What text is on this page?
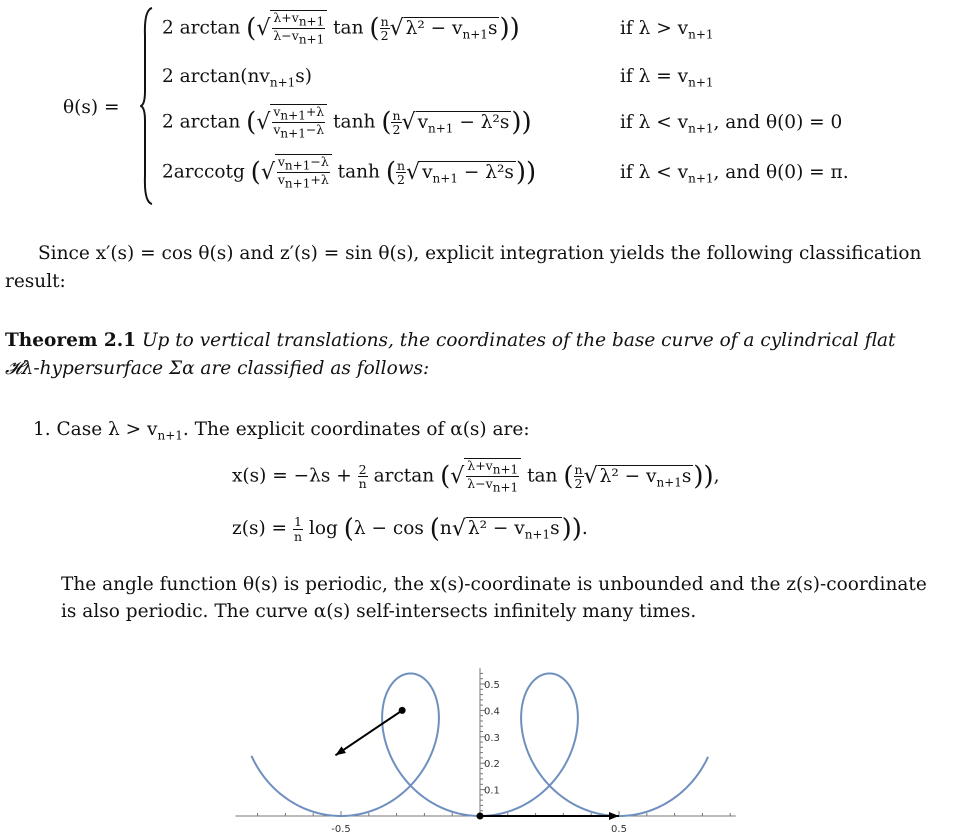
θ(s) =
2 arctan (√ $\frac{\lambda+v_{n+1}}{\lambda-v_{n+1}}$ tan ( $\frac{n}{2}$ √ $\lambda^2 - v_{n+1}s$))	if $\lambda > v_{n+1}$
2 $\arctan(nv_{n+1}s)$	if $\lambda = v_{n+1}$
2 arctan (√ $\frac{v_{n+1}+\lambda}{v_{n+1}-\lambda}$ tanh ( $\frac{n}{2}$ √ $v_{n+1} - \lambda^2s$))	if $\lambda < v_{n+1}$, and θ(0) = 0
2arccotg (√ $\frac{v_{n+1}-\lambda}{v_{n+1}+\lambda}$ tanh ( $\frac{n}{2}$ √ $v_{n+1} - \lambda^2s$))	if $\lambda < v_{n+1}$, and θ(0) = π.
Since x′(s) = cos θ(s) and z′(s) = sin θ(s), explicit integration yields the following classification
result:
Theorem 2.1 Up to vertical translations, the coordinates of the base curve of a cylindrical flat
𝓗λ-hypersurface Σα are classified as follows:
1. Case $\lambda > v_{n+1}$. The explicit coordinates of α(s) are:
$x(s) = -\lambda s + \frac{2}{n}$ arctan (√ $\frac{\lambda+v_{n+1}}{\lambda-v_{n+1}}$ tan ( $\frac{n}{2}$ √ $\lambda^2 - v_{n+1}s$)),
$z(s) = \frac{1}{n}$ log (λ − cos (n√ $\lambda^2 - v_{n+1}s$)).
The angle function θ(s) is periodic, the x(s)-coordinate is unbounded and the z(s)-coordinate
is also periodic. The curve α(s) self-intersects infinitely many times.
-0.5	0.5
0.1
0.2
0.3
0.4
0.5
